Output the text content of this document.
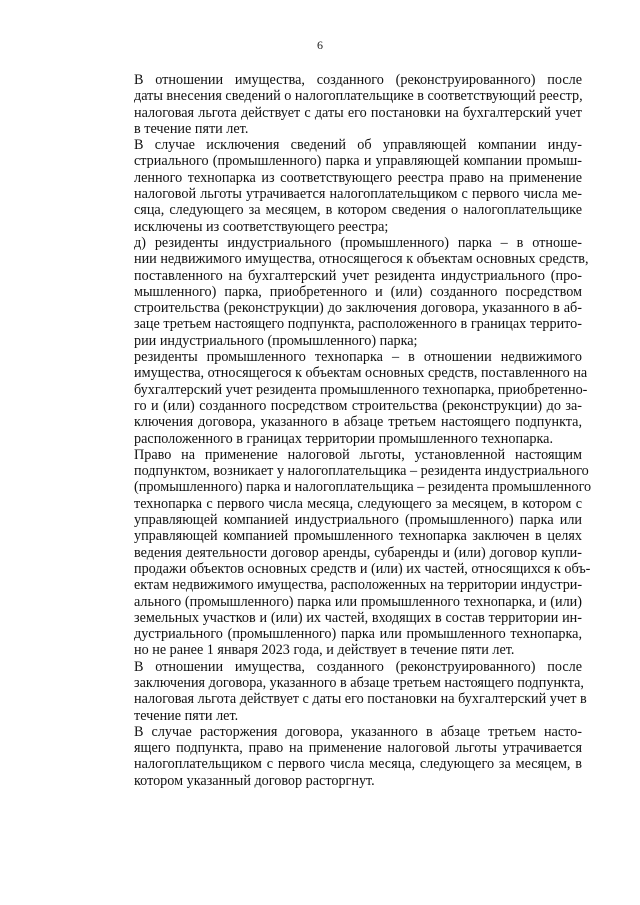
6

В отношении имущества, созданного (реконструированного) после
даты внесения сведений о налогоплательщике в соответствующий реестр,
налоговая льгота действует с даты его постановки на бухгалтерский учет
в течение пяти лет.

В случае исключения сведений об управляющей компании инду-
стриального (промышленного) парка и управляющей компании промыш-
ленного технопарка из соответствующего реестра право на применение
налоговой льготы утрачивается налогоплательщиком с первого числа ме-
сяца, следующего за месяцем, в котором сведения о налогоплательщике
исключены из соответствующего реестра;

д) резиденты индустриального (промышленного) парка – в отноше-
нии недвижимого имущества, относящегося к объектам основных средств,
поставленного на бухгалтерский учет резидента индустриального (про-
мышленного) парка, приобретенного и (или) созданного посредством
строительства (реконструкции) до заключения договора, указанного в аб-
заце третьем настоящего подпункта, расположенного в границах террито-
рии индустриального (промышленного) парка;

резиденты промышленного технопарка – в отношении недвижимого
имущества, относящегося к объектам основных средств, поставленного на
бухгалтерский учет резидента промышленного технопарка, приобретенно-
го и (или) созданного посредством строительства (реконструкции) до за-
ключения договора, указанного в абзаце третьем настоящего подпункта,
расположенного в границах территории промышленного технопарка.

Право на применение налоговой льготы, установленной настоящим
подпунктом, возникает у налогоплательщика – резидента индустриального
(промышленного) парка и налогоплательщика – резидента промышленного
технопарка с первого числа месяца, следующего за месяцем, в котором с
управляющей компанией индустриального (промышленного) парка или
управляющей компанией промышленного технопарка заключен в целях
ведения деятельности договор аренды, субаренды и (или) договор купли-
продажи объектов основных средств и (или) их частей, относящихся к объ-
ектам недвижимого имущества, расположенных на территории индустри-
ального (промышленного) парка или промышленного технопарка, и (или)
земельных участков и (или) их частей, входящих в состав территории ин-
дустриального (промышленного) парка или промышленного технопарка,
но не ранее 1 января 2023 года, и действует в течение пяти лет.

В отношении имущества, созданного (реконструированного) после
заключения договора, указанного в абзаце третьем настоящего подпункта,
налоговая льгота действует с даты его постановки на бухгалтерский учет в
течение пяти лет.

В случае расторжения договора, указанного в абзаце третьем насто-
ящего подпункта, право на применение налоговой льготы утрачивается
налогоплательщиком с первого числа месяца, следующего за месяцем, в
котором указанный договор расторгнут.
